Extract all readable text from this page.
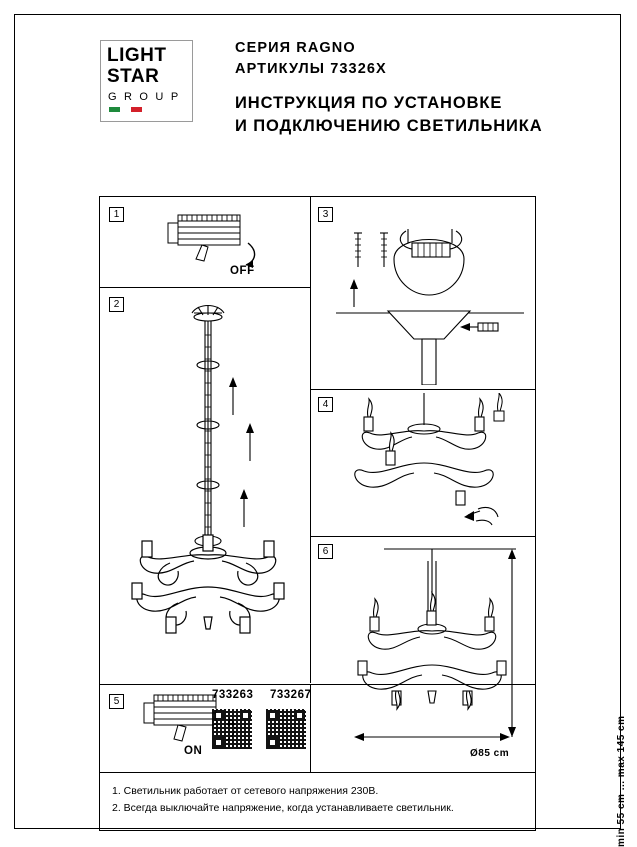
LIGHT
STAR
G R O U P
СЕРИЯ RAGNO
АРТИКУЛЫ 73326X
ИНСТРУКЦИЯ ПО УСТАНОВКЕ
И ПОДКЛЮЧЕНИЮ СВЕТИЛЬНИКА
1
OFF
2
3
4
6
min 55 cm ... max 145 cm
Ø85 cm
5
ON
733263 733267
1. Светильник работает от сетевого напряжения 230В.
2. Всегда выключайте напряжение, когда устанавливаете светильник.
